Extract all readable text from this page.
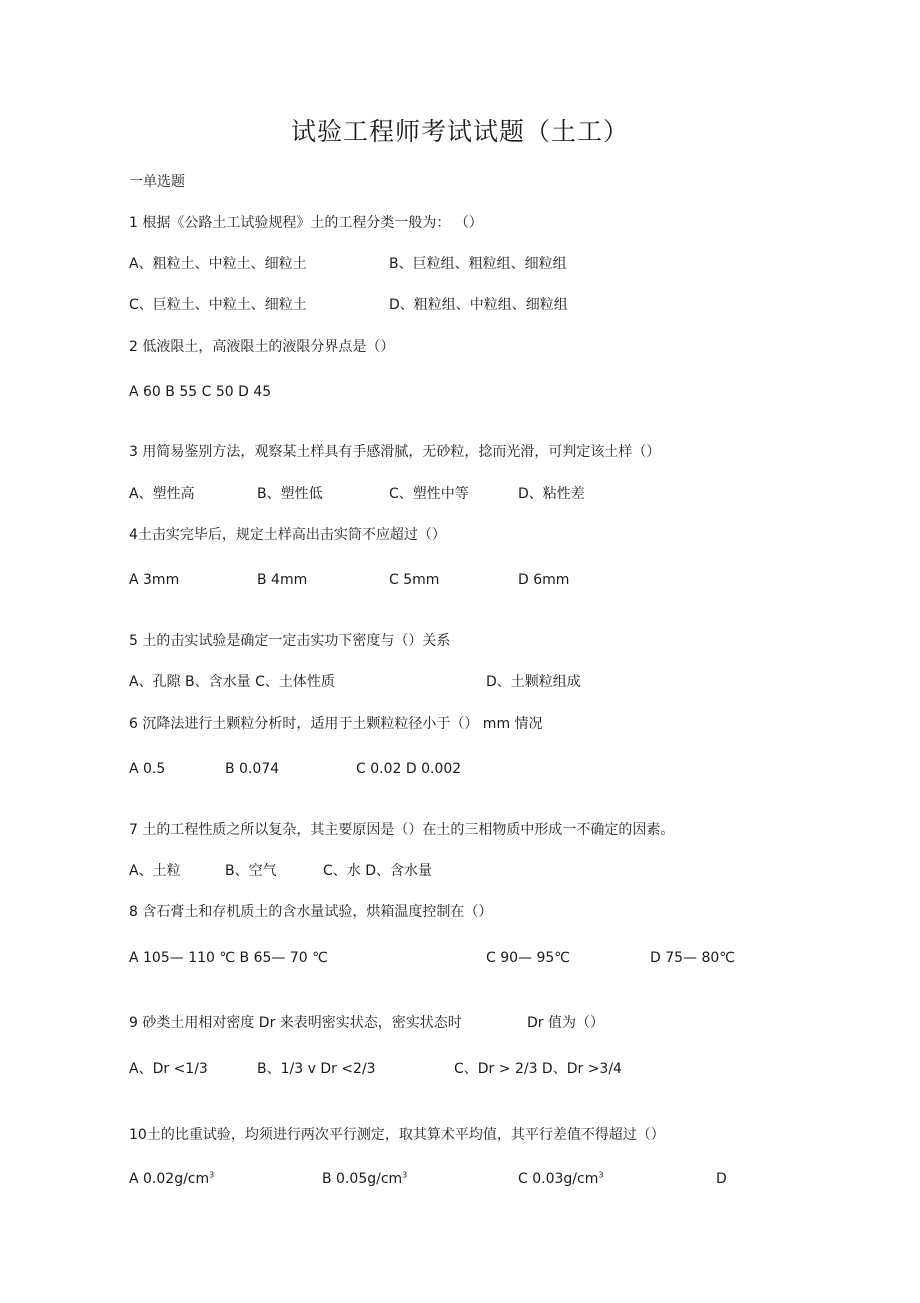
试验工程师考试试题（土工）
一单选题
1 根据《公路土工试验规程》土的工程分类一般为： （）
A、粗粒土、中粒土、细粒土	B、巨粒组、粗粒组、细粒组
C、巨粒土、中粒土、细粒土	D、粗粒组、中粒组、细粒组
2 低液限土，高液限土的液限分界点是（）
A 60 B 55 C 50 D 45
3 用简易鉴别方法，观察某土样具有手感滑腻，无砂粒，捻而光滑，可判定该土样（）
A、塑性高	B、塑性低	C、塑性中等	D、粘性差
4土击实完毕后，规定土样高出击实筒不应超过（）
A 3mm	B 4mm	C 5mm	D 6mm
5 土的击实试验是确定一定击实功下密度与（）关系
A、孔隙 B、含水量 C、土体性质	D、土颗粒组成
6 沉降法进行土颗粒分析时，适用于土颗粒粒径小于（） mm 情况
A 0.5	B 0.074	C 0.02 D 0.002
7 土的工程性质之所以复杂，其主要原因是（）在土的三相物质中形成一不确定的因素。
A、土粒	B、空气	C、水 D、含水量
8 含石膏土和存机质土的含水量试验，烘箱温度控制在（）
A 105— 110 ℃ B 65— 70 ℃	C 90— 95℃	D 75— 80℃
9 砂类土用相对密度 Dr 来表明密实状态，密实状态时	Dr 值为（）
A、Dr <1/3	B、1/3 v Dr <2/3	C、Dr > 2/3 D、Dr >3/4
10土的比重试验，均须进行两次平行测定，取其算术平均值，其平行差值不得超过（）
A $0.02g/cm^3$	B $0.05g/cm^3$	C $0.03g/cm^3$	D
